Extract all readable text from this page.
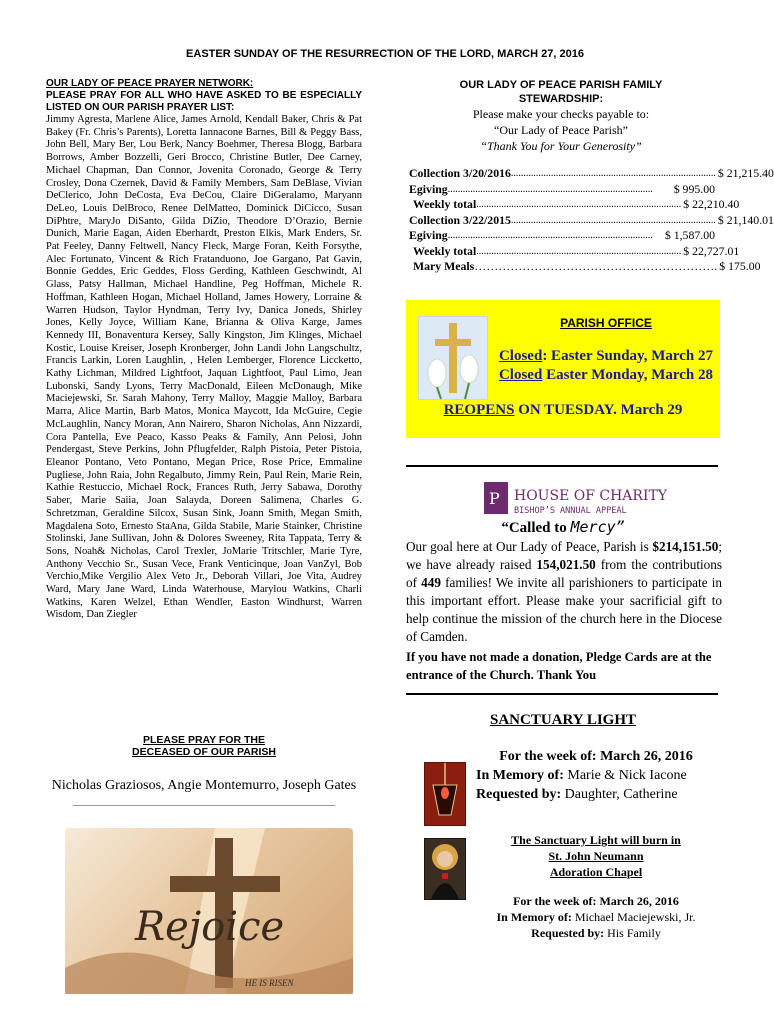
EASTER SUNDAY OF THE RESURRECTION OF THE LORD, MARCH 27, 2016
OUR LADY OF PEACE PRAYER NETWORK:
PLEASE PRAY FOR ALL WHO HAVE ASKED TO BE ESPECIALLY LISTED ON OUR PARISH PRAYER LIST:

Jimmy Agresta, Marlene Alice, James Arnold, Kendall Baker, Chris & Pat Bakey (Fr. Chris’s Parents), Loretta Iannacone Barnes, Bill & Peggy Bass, John Bell, Mary Ber, Lou Berk, Nancy Boehmer, Theresa Blogg, Barbara Borrows, Amber Bozzelli, Geri Brocco, Christine Butler, Dee Carney, Michael Chapman, Dan Connor, Jovenita Coronado, George & Terry Crosley, Dona Czernek, David & Family Members, Sam DeBlase, Vivian DeClerico, John DeCosta, Eva DeCou, Claire DiGeralamo, Maryann DeLeo, Louis DelBroco, Renee DelMatteo, Dominick DiCicco, Susan DiPhtre, MaryJo DiSanto, Gilda DiZio, Theodore D’Orazio, Bernie Dunich, Marie Eagan, Aiden Eberhardt, Preston Elkis, Mark Enders, Sr. Pat Feeley, Danny Feltwell, Nancy Fleck, Marge Foran, Keith Forsythe, Alec Fortunato, Vincent & Rich Fratanduono, Joe Gargano, Pat Gavin, Bonnie Geddes, Eric Geddes, Floss Gerding, Kathleen Geschwindt, Al Glass, Patsy Hallman, Michael Handline, Peg Hoffman, Michele R. Hoffman, Kathleen Hogan, Michael Holland, James Howery, Lorraine & Warren Hudson, Taylor Hyndman, Terry Ivy, Danica Joneds, Shirley Jones, Kelly Joyce, William Kane, Brianna & Oliva Karge, James Kennedy III, Bonaventura Kersey, Sally Kingston, Jim Klinges, Michael Kostic, Louise Kreiser, Joseph Kronberger, John Landi John Langschultz, Francis Larkin, Loren Laughlin, , Helen Lemberger, Florence Liccketto, Kathy Lichman, Mildred Lightfoot, Jaquan Lightfoot, Paul Limo, Jean Lubonski, Sandy Lyons, Terry MacDonald, Eileen McDonaugh, Mike Maciejewski, Sr. Sarah Mahony, Terry Malloy, Maggie Malloy, Barbara Marra, Alice Martin, Barb Matos, Monica Maycott, Ida McGuire, Cegie McLaughlin, Nancy Moran, Ann Nairero, Sharon Nicholas, Ann Nizzardi, Cora Pantella, Eve Peaco, Kasso Peaks & Family, Ann Pelosi, John Pendergast, Steve Perkins, John Pflugfelder, Ralph Pistoia, Peter Pistoia, Eleanor Pontano, Veto Pontano, Megan Price, Rose Price, Emmaline Pugliese, John Raia, John Regalbuto, Jimmy Rein, Paul Rein, Marie Rein, Kathie Restuccio, Michael Rock, Frances Ruth, Jerry Sabawa, Dorothy Saber, Marie Saiia, Joan Salayda, Doreen Salimena, Charles G. Schretzman, Geraldine Silcox, Susan Sink, Joann Smith, Megan Smith, Magdalena Soto, Ernesto StaAna, Gilda Stabile, Marie Stainker, Christine Stolinski, Jane Sullivan, John & Dolores Sweeney, Rita Tappata, Terry & Sons, Noah& Nicholas, Carol Trexler, JoMarie Tritschler, Marie Tyre, Anthony Vecchio Sr., Susan Vece, Frank Venticinque, Joan VanZyl, Bob Verchio,Mike Vergilio Alex Veto Jr., Deborah Villari, Joe Vita, Audrey Ward, Mary Jane Ward, Linda Waterhouse, Marylou Watkins, Charli Watkins, Karen Welzel, Ethan Wendler, Easton Windhurst, Warren Wisdom, Dan Ziegler

PLEASE PRAY FOR THE
DECEASED OF OUR PARISH
Nicholas Graziosos, Angie Montemurro, Joseph Gates
Rejoice
HE IS RISEN
OUR LADY OF PEACE PARISH FAMILY
STEWARDSHIP:
Please make your checks payable to:
“Our Lady of Peace Parish”
“Thank You for Your Generosity”
Collection 3/20/2016 .................................................................................. $ 21,215.40
Egiving ..................................................................................	$ 995.00
Weekly total .................................................................................. $ 22,210.40
Collection 3/22/2015 .................................................................................. $ 21,140.01
Egiving ..................................................................................	$ 1,587.00
Weekly total .................................................................................. $ 22,727.01
Mary Meals ……………………………………………………. $ 175.00
PARISH OFFICE
Closed: Easter Sunday, March 27
Closed Easter Monday, March 28
REOPENS ON TUESDAY. March 29
P HOUSE OF CHARITY
BISHOP’S ANNUAL APPEAL
“Called to Mercy”

Our goal here at Our Lady of Peace, Parish is $214,151.50; we have already raised 154,021.50 from the contributions of 449 families! We invite all parishioners to participate in this important effort. Please make your sacrificial gift to help continue the mission of the church here in the Diocese of Camden.

If you have not made a donation, Pledge Cards are at the entrance of the Church. Thank You

SANCTUARY LIGHT
For the week of: March 26, 2016
In Memory of: Marie & Nick Iacone
Requested by: Daughter, Catherine
The Sanctuary Light will burn in
St. John Neumann
Adoration Chapel
For the week of: March 26, 2016
In Memory of: Michael Maciejewski, Jr.
Requested by: His Family
